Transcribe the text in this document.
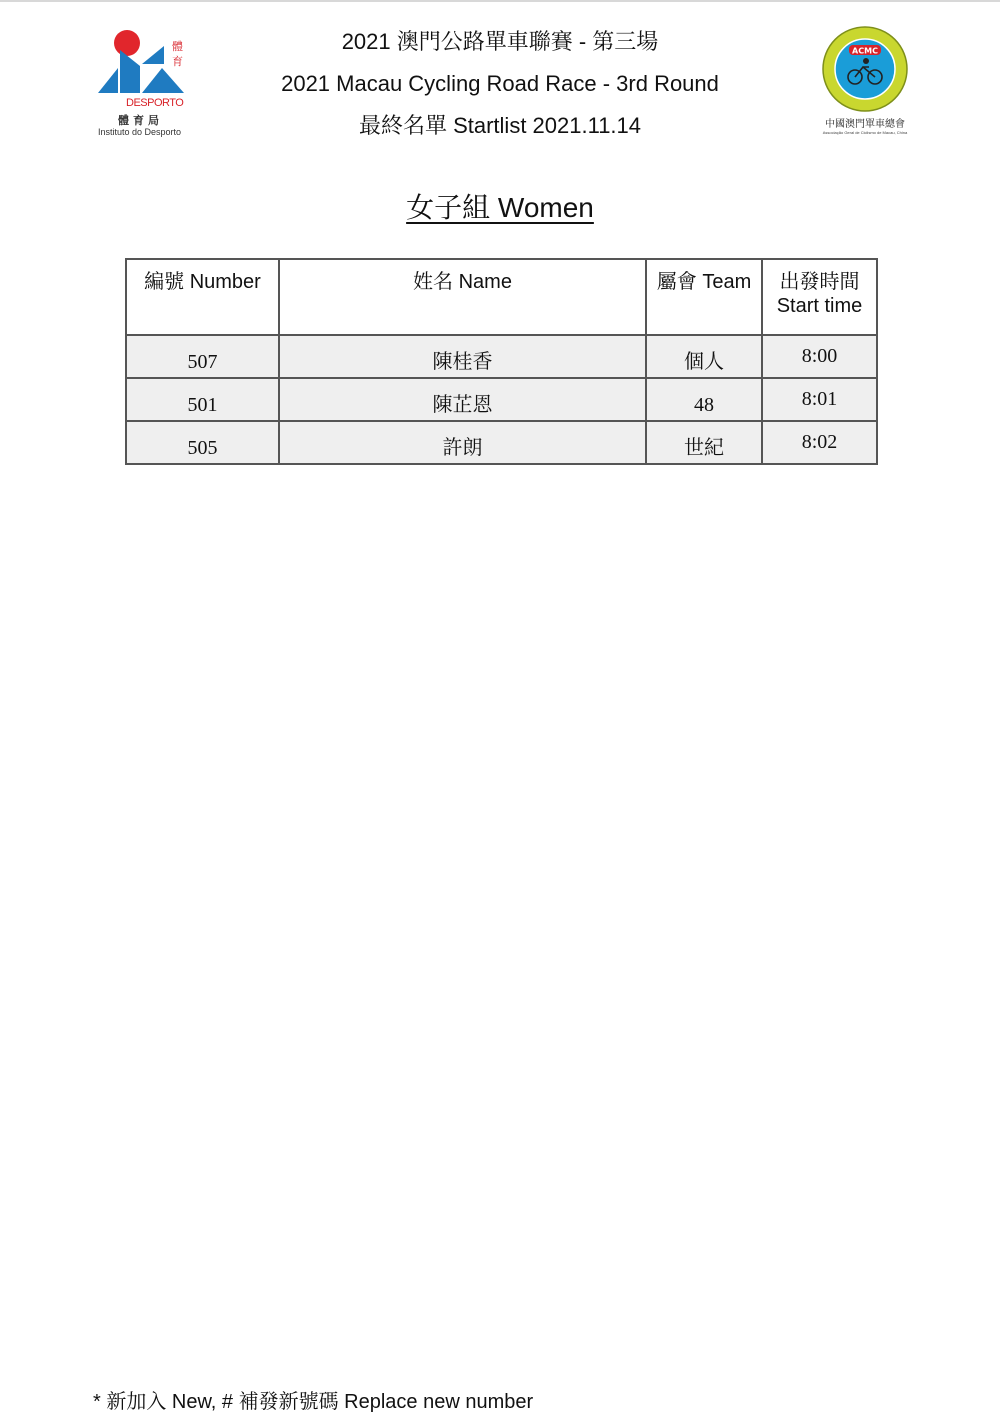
體育
DESPORTO
體育局
Instituto do Desporto
2021 澳門公路單車聯賽 - 第三場
2021 Macau Cycling Road Race - 3rd Round
最終名單 Startlist 2021.11.14
ACMC
中國澳門單車總會
Associação Geral de Ciclismo de Macau, China
女子組 Women
編號 Number	姓名 Name	屬會 Team	出發時間
Start time
507	陳桂香	個人	8:00
501	陳芷恩	48	8:01
505	許朗	世紀	8:02
* 新加入 New, # 補發新號碼 Replace new number
